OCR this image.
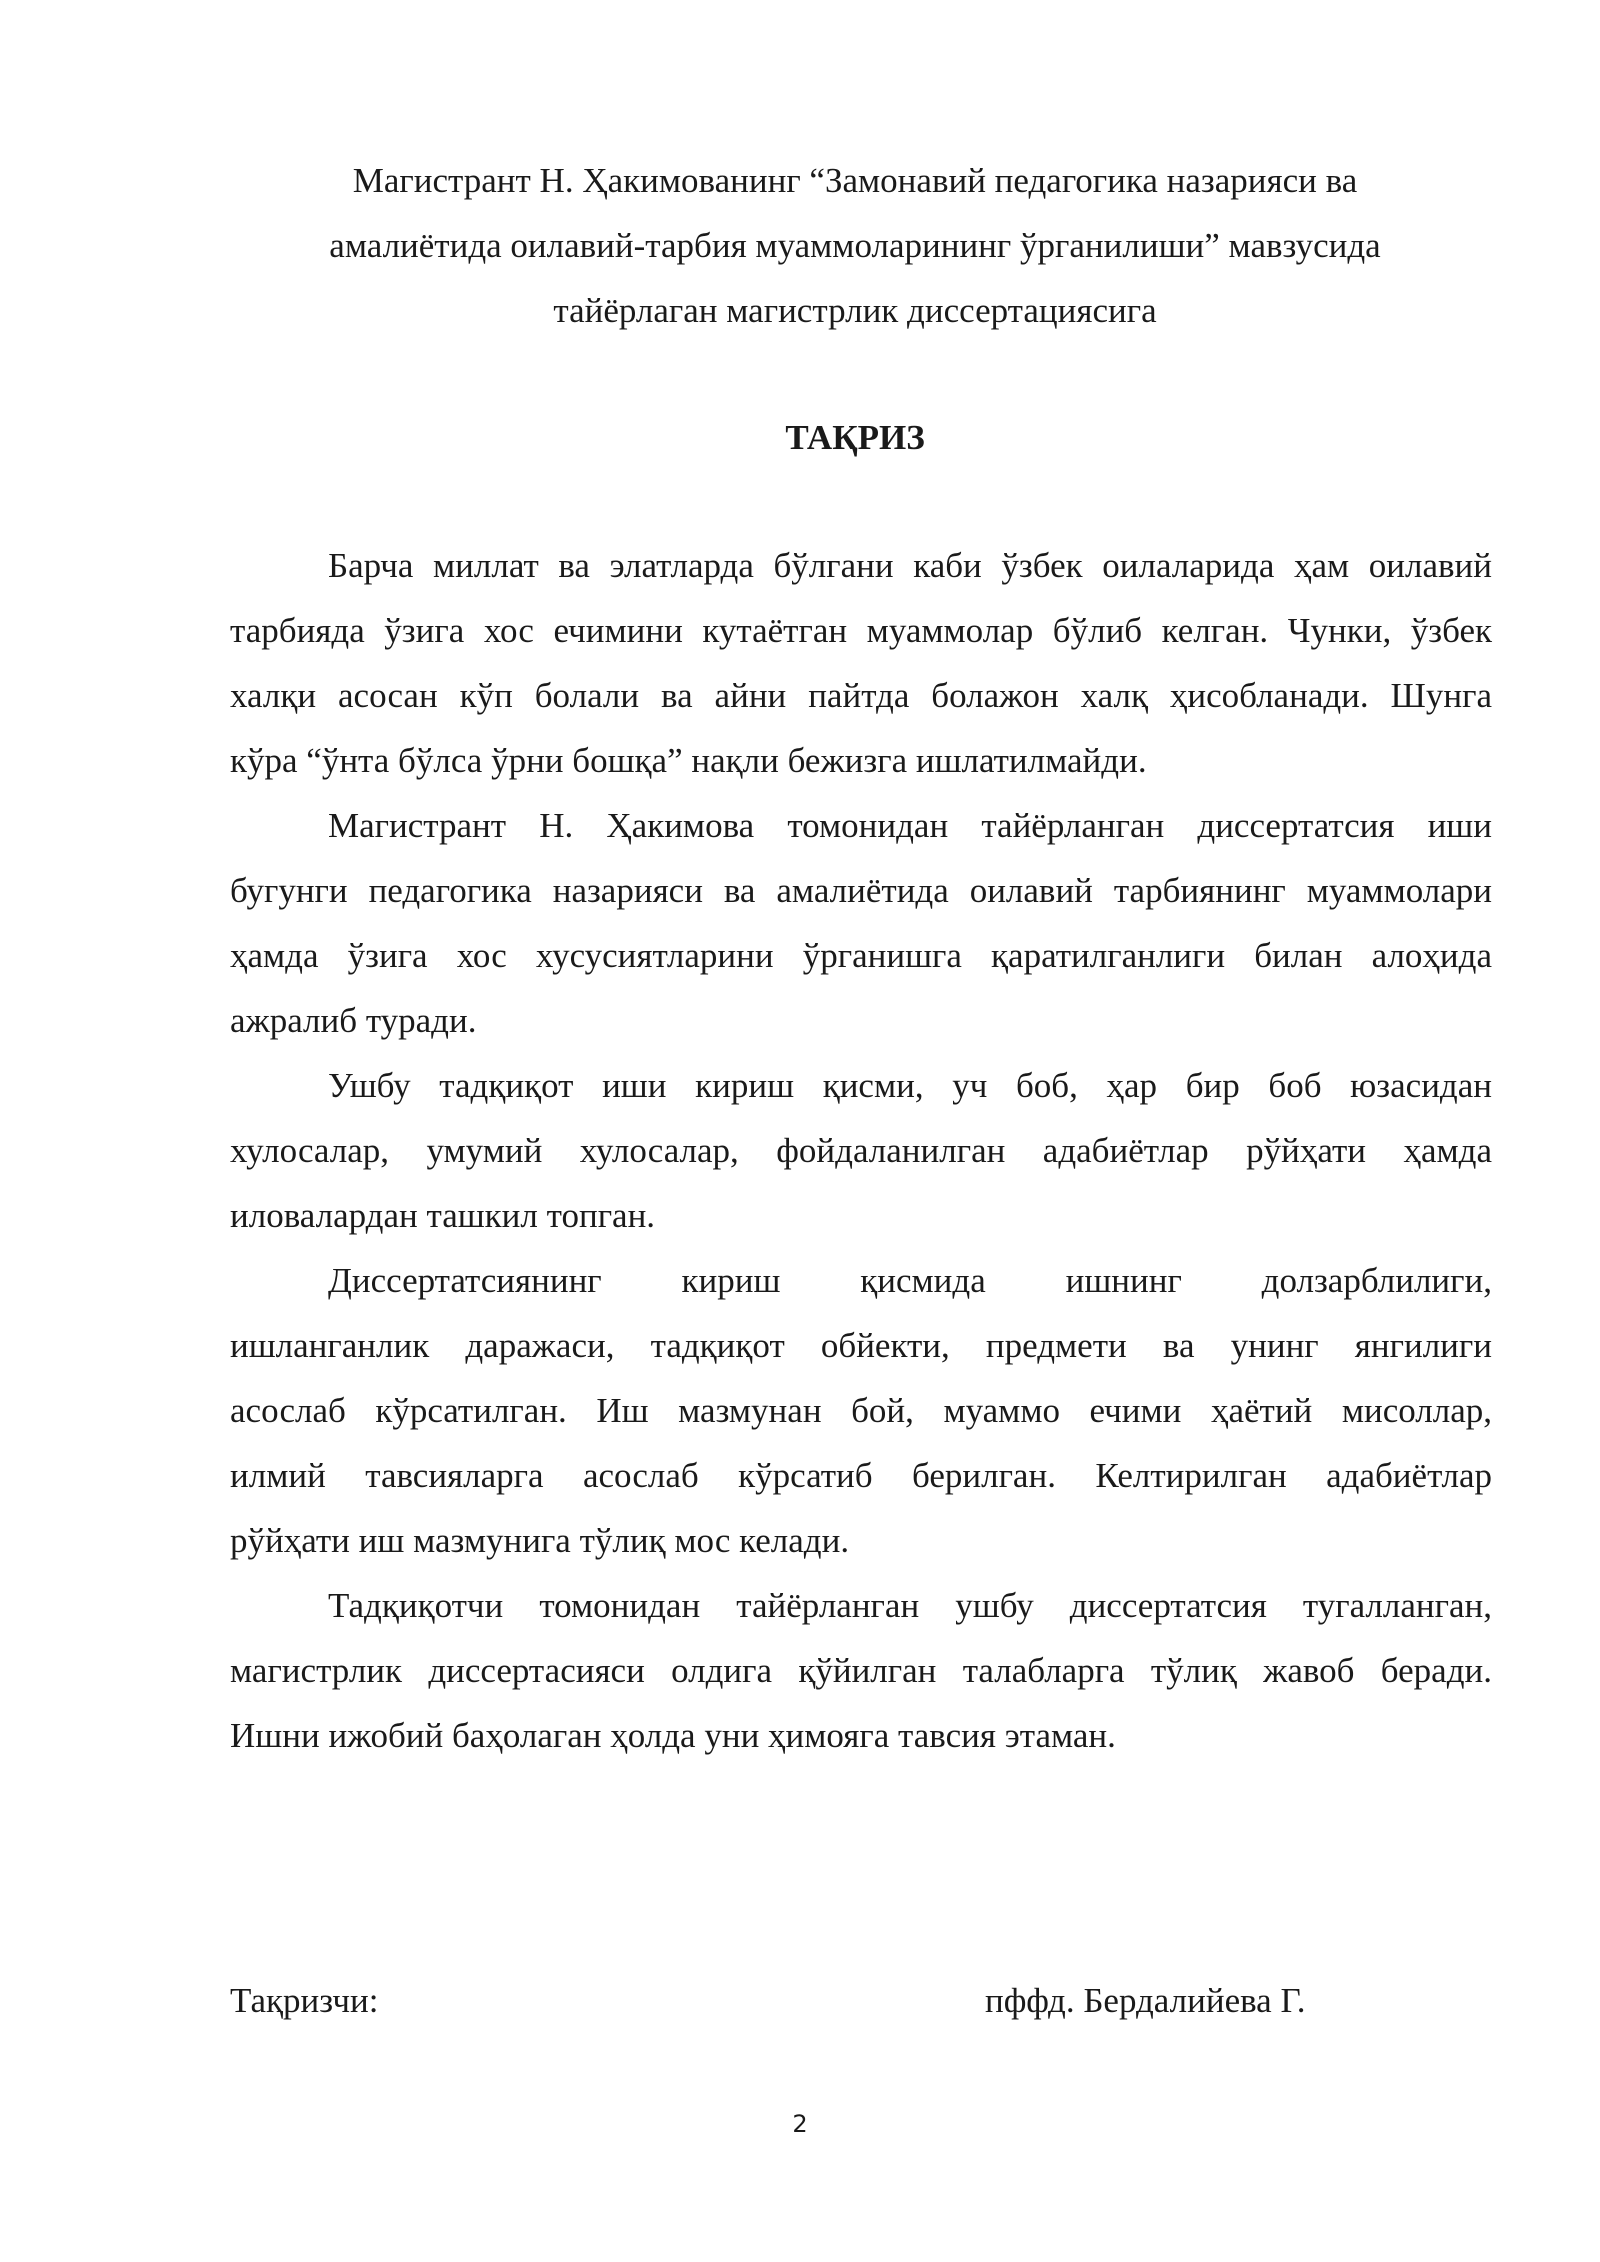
Магистрант Н. Ҳакимованинг “Замонавий педагогика назарияси ва
амалиётида оилавий-тарбия муаммоларининг ўрганилиши” мавзусида
тайёрлаган магистрлик диссертациясига
ТАҚРИЗ
Барча миллат ва элатларда бўлгани каби ўзбек оилаларида ҳам оилавий
тарбияда ўзига хос ечимини кутаётган муаммолар бўлиб келган. Чунки, ўзбек
халқи асосан кўп болали ва айни пайтда болажон халқ ҳисобланади. Шунга
кўра “ўнта бўлса ўрни бошқа” нақли бежизга ишлатилмайди.
Магистрант Н. Ҳакимова томонидан тайёрланган диссертатсия иши
бугунги педагогика назарияси ва амалиётида оилавий тарбиянинг муаммолари
ҳамда ўзига хос хусусиятларини ўрганишга қаратилганлиги билан алоҳида
ажралиб туради.
Ушбу тадқиқот иши кириш қисми, уч боб, ҳар бир боб юзасидан
хулосалар, умумий хулосалар, фойдаланилган адабиётлар рўйҳати ҳамда
иловалардан ташкил топган.
Диссертатсиянинг кириш қисмида ишнинг долзарблилиги,
ишланганлик даражаси, тадқиқот обйекти, предмети ва унинг янгилиги
асослаб кўрсатилган. Иш мазмунан бой, муаммо ечими ҳаётий мисоллар,
илмий тавсияларга асослаб кўрсатиб берилган. Келтирилган адабиётлар
рўйҳати иш мазмунига тўлиқ мос келади.
Тадқиқотчи томонидан тайёрланган ушбу диссертатсия тугалланган,
магистрлик диссертасияси олдига қўйилган талабларга тўлиқ жавоб беради.
Ишни ижобий баҳолаган ҳолда уни ҳимояга тавсия этаман.
Тақризчи:	пффд. Бердалийева Г.
2
